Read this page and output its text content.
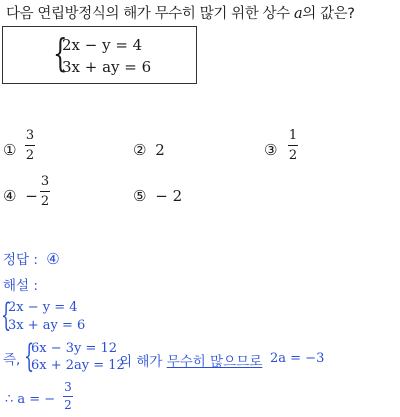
다음 연립방정식의 해가 무수히 많기 위한 상수 a의 값은?
{
2x − y = 4
3x + ay = 6
①
3
2	② 2	③
1
2
④ −
3
2	⑤ − 2
정답 : ④
해설 :
{
2x − y = 4
3x + ay = 6
즉, {
6x − 3y = 12
6x + 2ay = 12
의 해가 무수히 많으므로 2a = −3
∴ a = −
3
2
